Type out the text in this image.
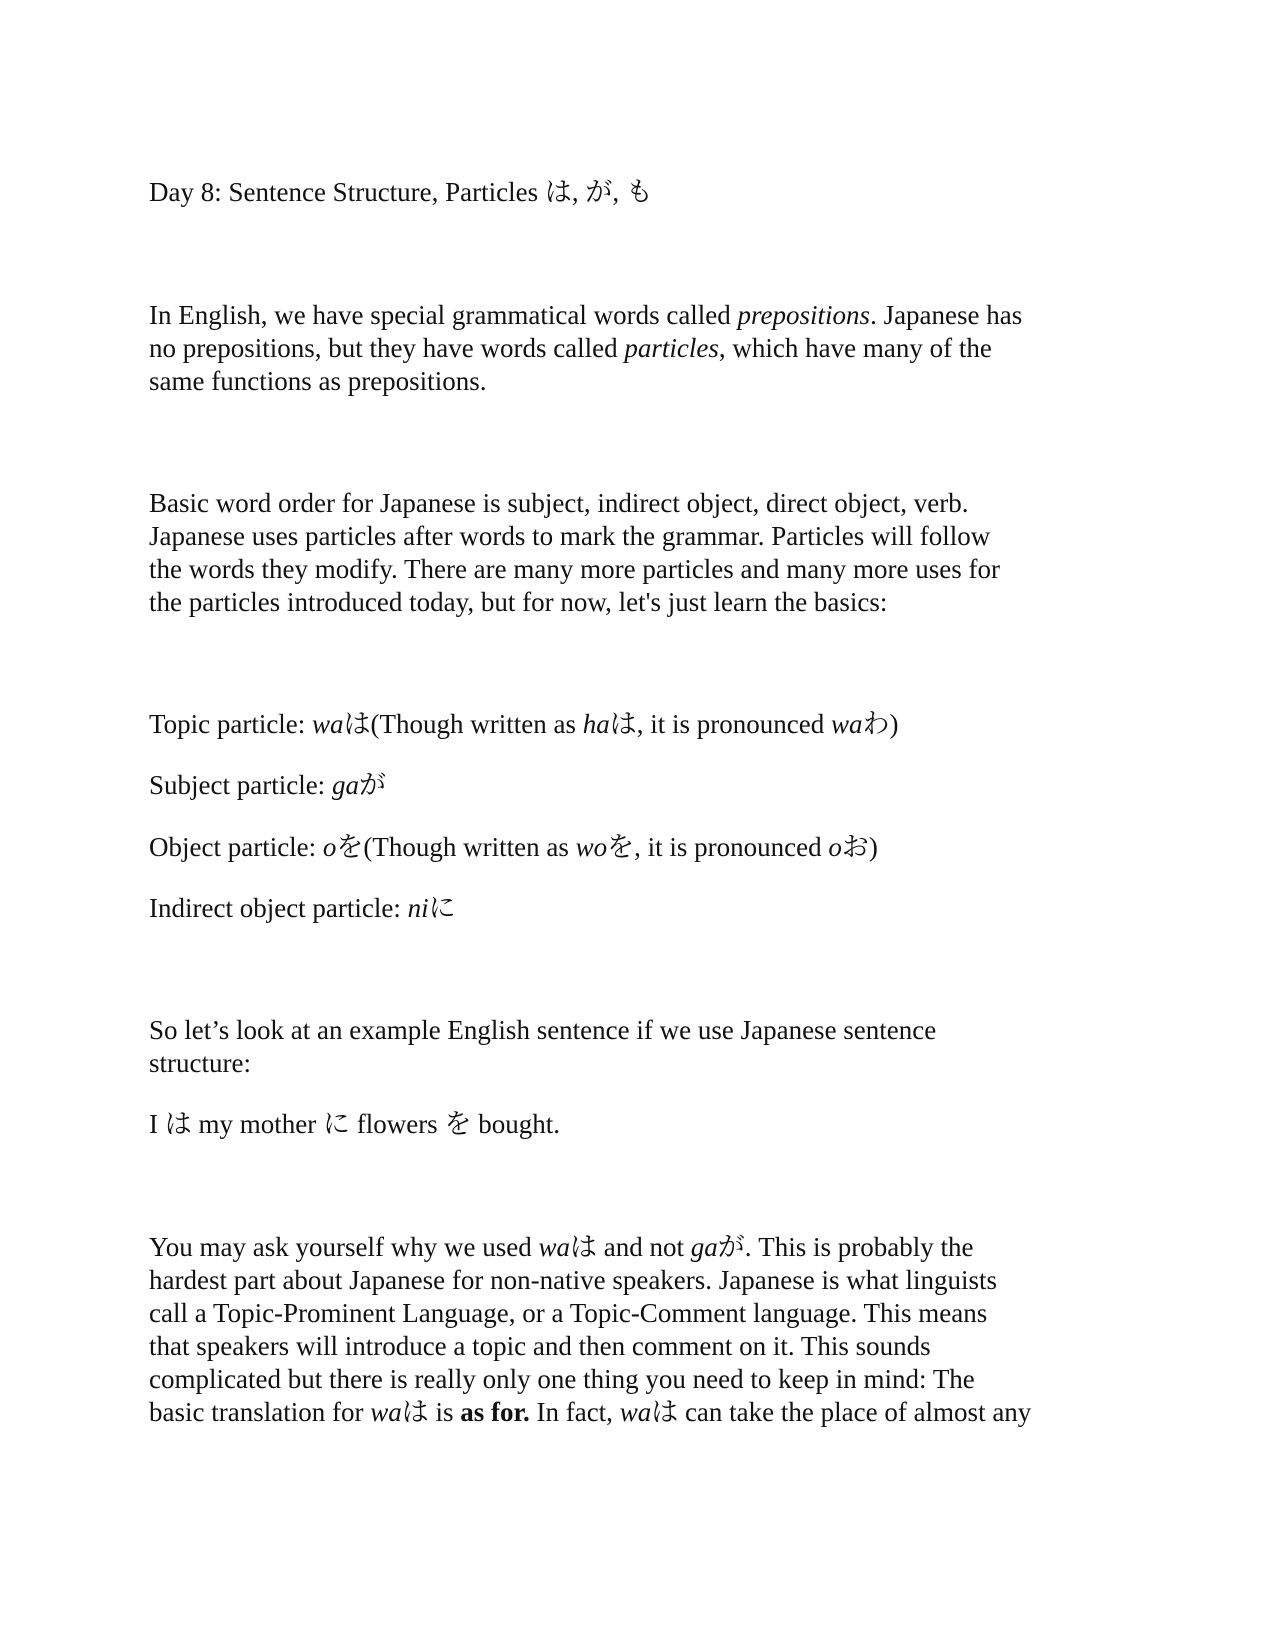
Day 8: Sentence Structure, Particles は, が, も
In English, we have special grammatical words called prepositions. Japanese has
no prepositions, but they have words called particles, which have many of the
same functions as prepositions.
Basic word order for Japanese is subject, indirect object, direct object, verb.
Japanese uses particles after words to mark the grammar. Particles will follow
the words they modify. There are many more particles and many more uses for
the particles introduced today, but for now, let's just learn the basics:
Topic particle: waは(Though written as haは, it is pronounced waわ)
Subject particle: gaが
Object particle: oを(Though written as woを, it is pronounced oお)
Indirect object particle: niに
So let’s look at an example English sentence if we use Japanese sentence
structure:
I は my mother に flowers を bought.
You may ask yourself why we used waは and not gaが. This is probably the
hardest part about Japanese for non-native speakers. Japanese is what linguists
call a Topic-Prominent Language, or a Topic-Comment language. This means
that speakers will introduce a topic and then comment on it. This sounds
complicated but there is really only one thing you need to keep in mind: The
basic translation for waは is as for. In fact, waは can take the place of almost any
